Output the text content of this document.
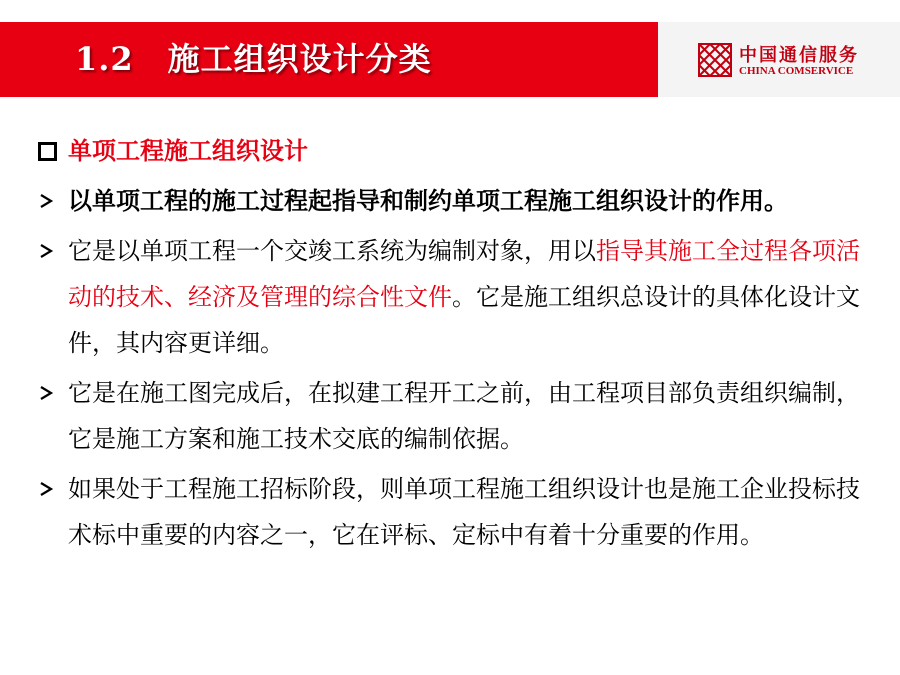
1.2 施工组织设计分类	中国通信服务
CHINA COMSERVICE
单项工程施工组织设计
以单项工程的施工过程起指导和制约单项工程施工组织设计的作用。
它是以单项工程一个交竣工系统为编制对象，用以指导其施工全过程各项活动的技术、经济及管理的综合性文件。它是施工组织总设计的具体化设计文件，其内容更详细。
它是在施工图完成后，在拟建工程开工之前，由工程项目部负责组织编制，它是施工方案和施工技术交底的编制依据。
如果处于工程施工招标阶段，则单项工程施工组织设计也是施工企业投标技术标中重要的内容之一，它在评标、定标中有着十分重要的作用。
